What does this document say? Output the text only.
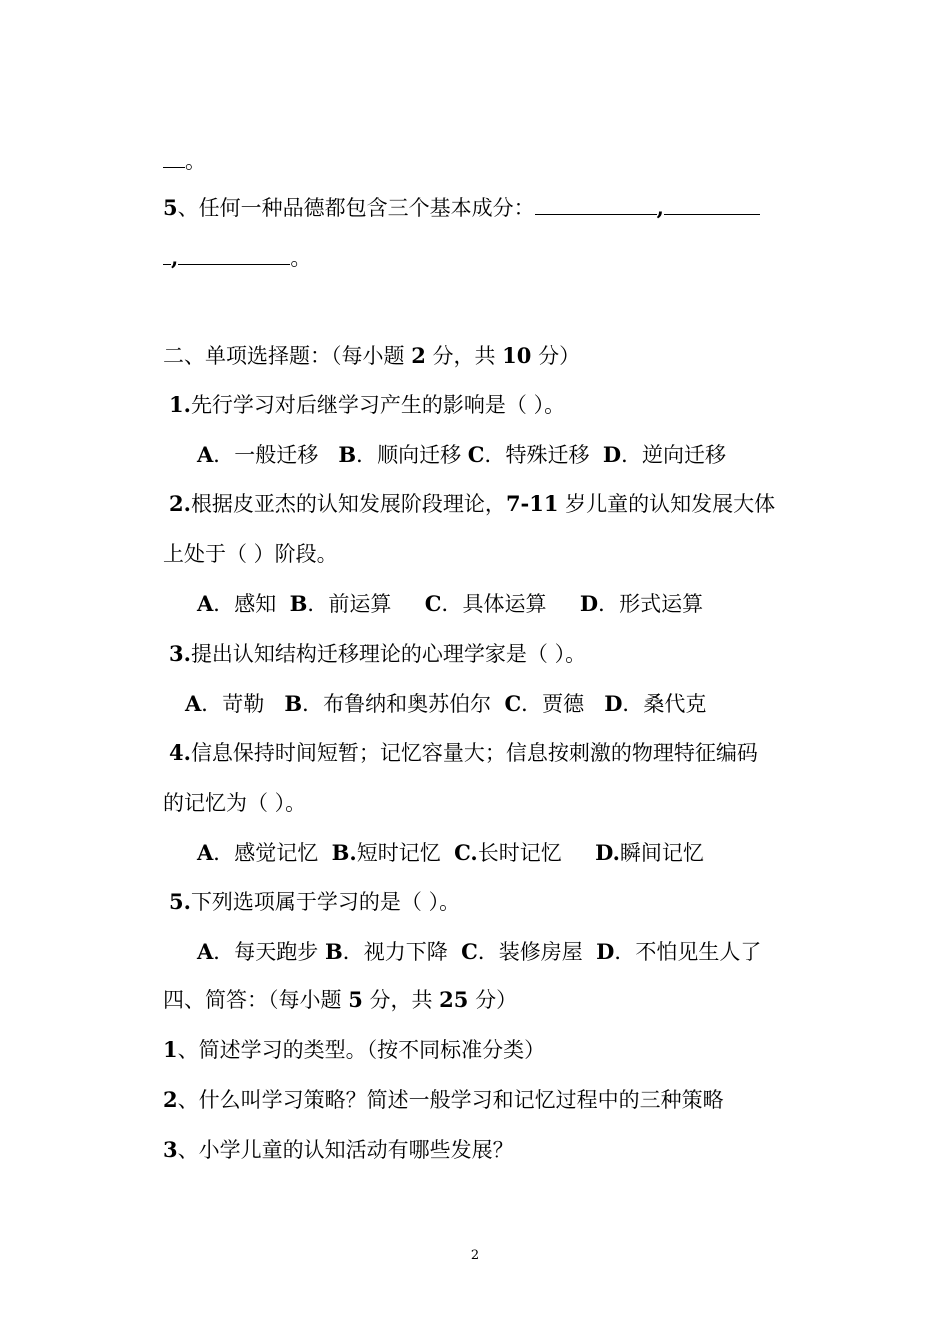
。
5、任何一种品德都包含三个基本成分：	,
,	。
二、单项选择题：（每小题 2 分，共 10 分）
1.先行学习对后继学习产生的影响是（ ）。
A．一般迁移 B．顺向迁移 C．特殊迁移 D．逆向迁移
2.根据皮亚杰的认知发展阶段理论，7-11 岁儿童的认知发展大体
上处于（ ）阶段。
A．感知 B．前运算 C．具体运算 D．形式运算
3.提出认知结构迁移理论的心理学家是（ ）。
A．苛勒 B．布鲁纳和奥苏伯尔 C．贾德 D．桑代克
4.信息保持时间短暂；记忆容量大；信息按刺激的物理特征编码
的记忆为（ ）。
A．感觉记忆 B.短时记忆 C.长时记忆 D.瞬间记忆
5.下列选项属于学习的是（ ）。
A．每天跑步 B．视力下降 C．装修房屋 D．不怕见生人了
四、简答：（每小题 5 分，共 25 分）
1、简述学习的类型。（按不同标准分类）
2、什么叫学习策略？简述一般学习和记忆过程中的三种策略
3、小学儿童的认知活动有哪些发展？
2
